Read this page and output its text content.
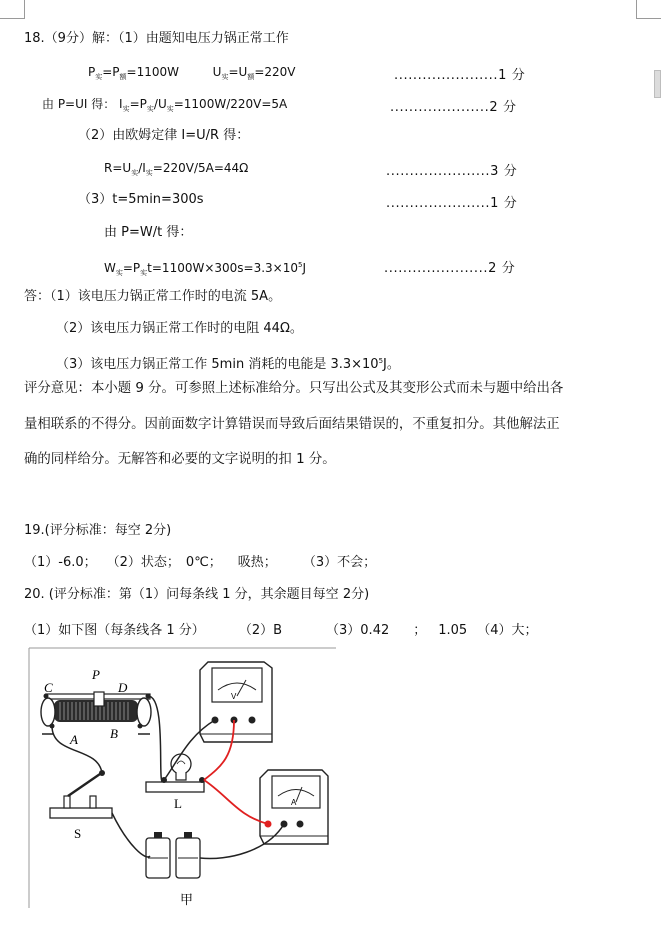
18.（9分）解：（1）由题知电压力锅正常工作
$P_实=P_额=1100W$	$U_实=U_额=220V$	......................1 分
由 P=UI 得： $I_实=P_实/U_实=1100W/220V=5A$	.....................2 分
（2）由欧姆定律 I=U/R 得：
$R=U_实/I_实=220V/5A=44\Omega$	......................3 分
（3）t=5min=300s	......................1 分
由 P=W/t 得：
$W_实=P_实t=1100W\times 300s=3.3\times 10^5J$	......................2 分
答：（1）该电压力锅正常工作时的电流 5A。
（2）该电压力锅正常工作时的电阻 44Ω。
（3）该电压力锅正常工作 5min 消耗的电能是 $3.3\times 10^5J$。
评分意见：本小题 9 分。可参照上述标准给分。只写出公式及其变形公式而未与题中给出各
量相联系的不得分。因前面数字计算错误而导致后面结果错误的，不重复扣分。其他解法正
确的同样给分。无解答和必要的文字说明的扣 1 分。
19.(评分标准：每空 2分)
（1）-6.0； （2）状态； 0℃； 吸热； （3）不会；
20. (评分标准：第（1）问每条线 1 分，其余题目每空 2分)
（1）如下图（每条线各 1 分）	（2）B	（3）0.42 ； 1.05 （4）大；
C
P
D
A B
V
L	A
S
甲
